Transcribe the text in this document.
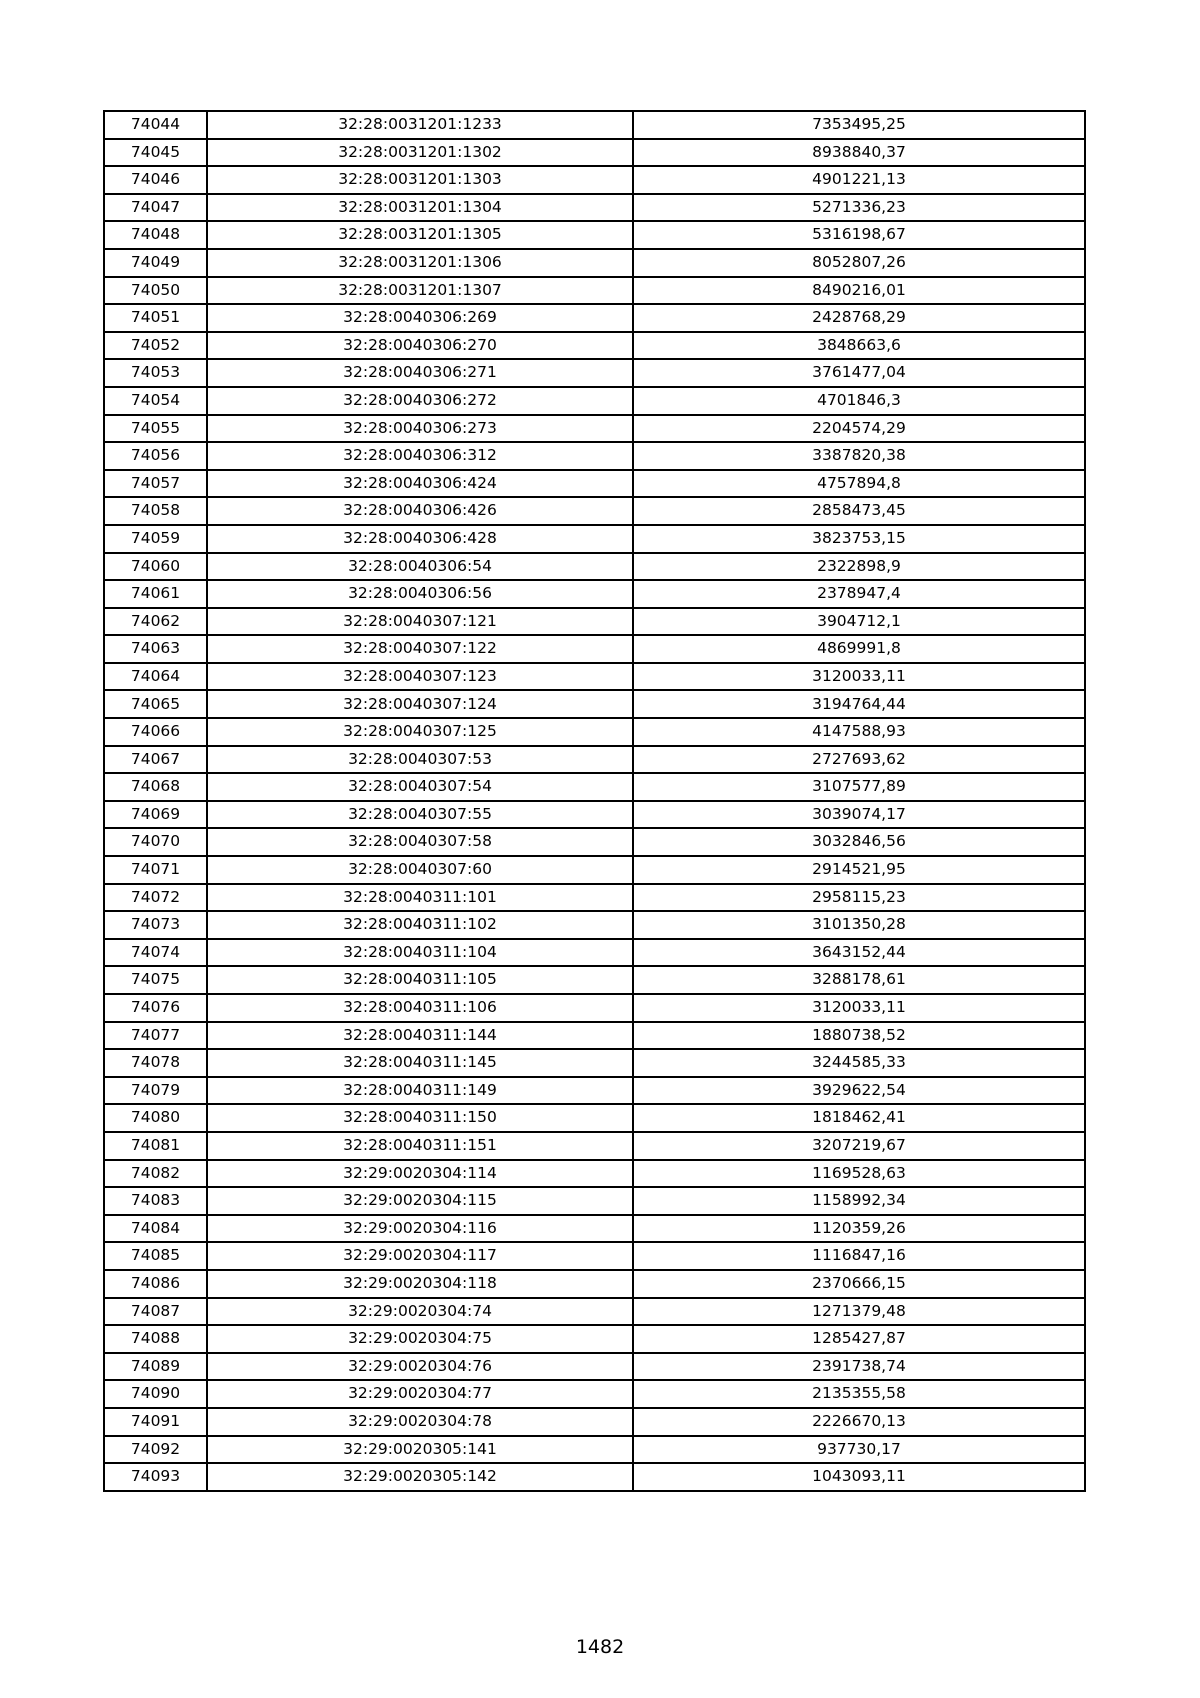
74044	32:28:0031201:1233	7353495,25
74045	32:28:0031201:1302	8938840,37
74046	32:28:0031201:1303	4901221,13
74047	32:28:0031201:1304	5271336,23
74048	32:28:0031201:1305	5316198,67
74049	32:28:0031201:1306	8052807,26
74050	32:28:0031201:1307	8490216,01
74051	32:28:0040306:269	2428768,29
74052	32:28:0040306:270	3848663,6
74053	32:28:0040306:271	3761477,04
74054	32:28:0040306:272	4701846,3
74055	32:28:0040306:273	2204574,29
74056	32:28:0040306:312	3387820,38
74057	32:28:0040306:424	4757894,8
74058	32:28:0040306:426	2858473,45
74059	32:28:0040306:428	3823753,15
74060	32:28:0040306:54	2322898,9
74061	32:28:0040306:56	2378947,4
74062	32:28:0040307:121	3904712,1
74063	32:28:0040307:122	4869991,8
74064	32:28:0040307:123	3120033,11
74065	32:28:0040307:124	3194764,44
74066	32:28:0040307:125	4147588,93
74067	32:28:0040307:53	2727693,62
74068	32:28:0040307:54	3107577,89
74069	32:28:0040307:55	3039074,17
74070	32:28:0040307:58	3032846,56
74071	32:28:0040307:60	2914521,95
74072	32:28:0040311:101	2958115,23
74073	32:28:0040311:102	3101350,28
74074	32:28:0040311:104	3643152,44
74075	32:28:0040311:105	3288178,61
74076	32:28:0040311:106	3120033,11
74077	32:28:0040311:144	1880738,52
74078	32:28:0040311:145	3244585,33
74079	32:28:0040311:149	3929622,54
74080	32:28:0040311:150	1818462,41
74081	32:28:0040311:151	3207219,67
74082	32:29:0020304:114	1169528,63
74083	32:29:0020304:115	1158992,34
74084	32:29:0020304:116	1120359,26
74085	32:29:0020304:117	1116847,16
74086	32:29:0020304:118	2370666,15
74087	32:29:0020304:74	1271379,48
74088	32:29:0020304:75	1285427,87
74089	32:29:0020304:76	2391738,74
74090	32:29:0020304:77	2135355,58
74091	32:29:0020304:78	2226670,13
74092	32:29:0020305:141	937730,17
74093	32:29:0020305:142	1043093,11
1482
